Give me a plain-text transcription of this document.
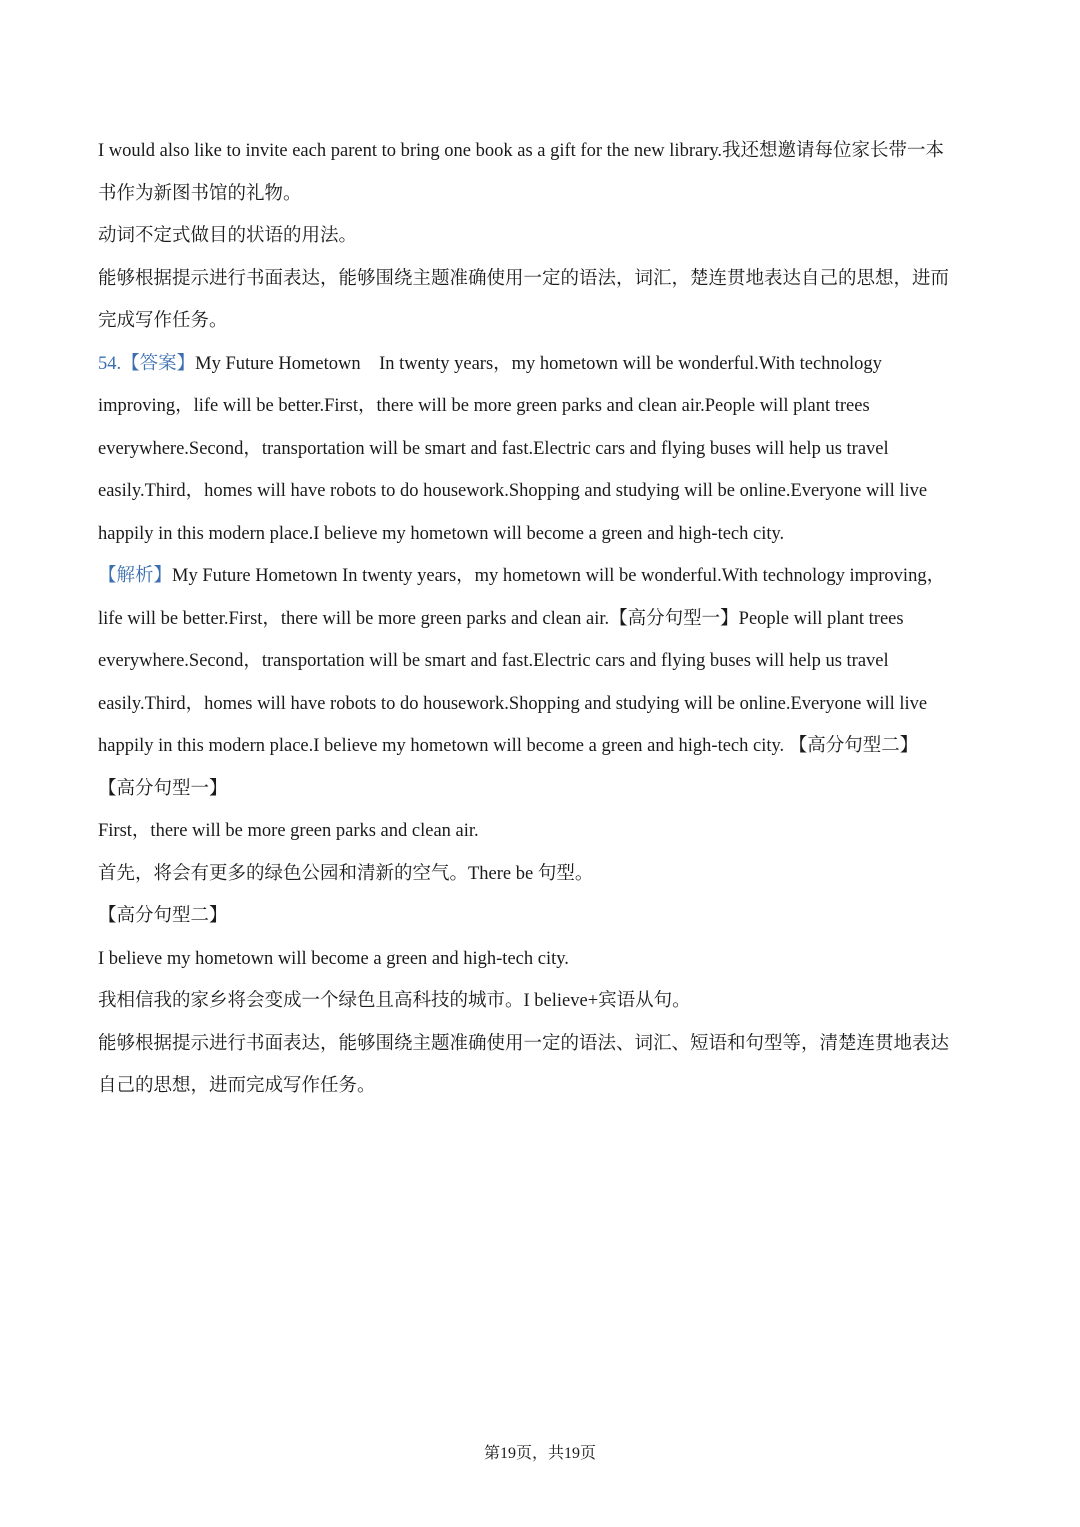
I would also like to invite each parent to bring one book as a gift for the new library.我还想邀请每位家长带一本

书作为新图书馆的礼物。

动词不定式做目的状语的用法。

能够根据提示进行书面表达，能够围绕主题准确使用一定的语法，词汇，楚连贯地表达自己的思想，进而

完成写作任务。

54.【答案】My Future Hometown    In twenty years，my hometown will be wonderful.With technology

improving，life will be better.First，there will be more green parks and clean air.People will plant trees

everywhere.Second，transportation will be smart and fast.Electric cars and flying buses will help us travel

easily.Third，homes will have robots to do housework.Shopping and studying will be online.Everyone will live

happily in this modern place.I believe my hometown will become a green and high-tech city.

【解析】My Future Hometown In twenty years，my hometown will be wonderful.With technology improving，

life will be better.First，there will be more green parks and clean air.【高分句型一】People will plant trees

everywhere.Second，transportation will be smart and fast.Electric cars and flying buses will help us travel

easily.Third，homes will have robots to do housework.Shopping and studying will be online.Everyone will live

happily in this modern place.I believe my hometown will become a green and high-tech city. 【高分句型二】

【高分句型一】

First，there will be more green parks and clean air.

首先，将会有更多的绿色公园和清新的空气。There be 句型。

【高分句型二】

I believe my hometown will become a green and high-tech city.

我相信我的家乡将会变成一个绿色且高科技的城市。I believe+宾语从句。

能够根据提示进行书面表达，能够围绕主题准确使用一定的语法、词汇、短语和句型等，清楚连贯地表达

自己的思想，进而完成写作任务。

第19页，共19页
